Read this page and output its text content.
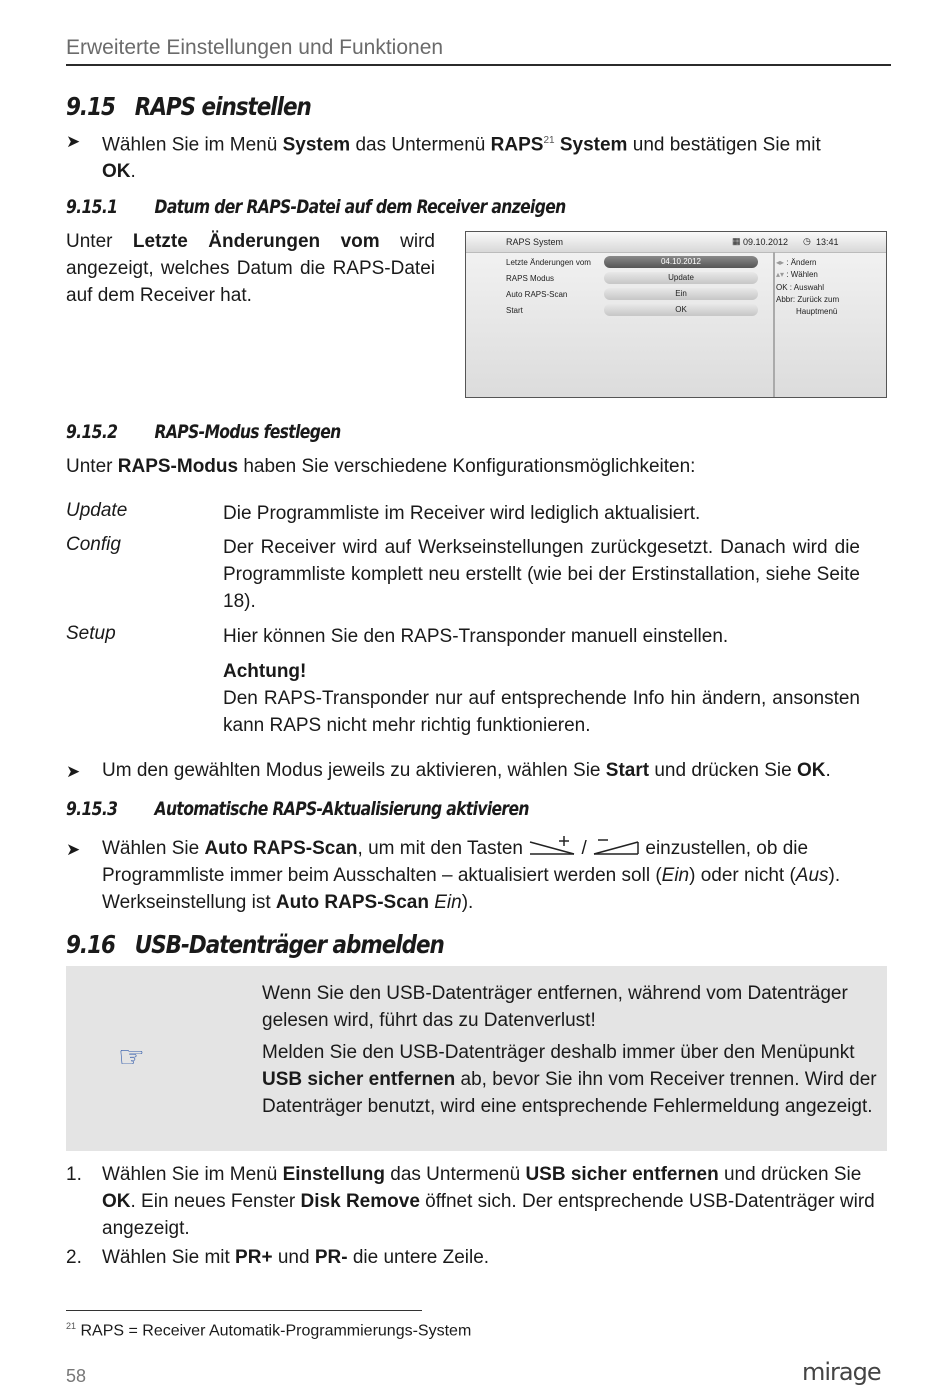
Erweiterte Einstellungen und Funktionen
9.15 RAPS einstellen
➤ Wählen Sie im Menü System das Untermenü RAPS$^{21}$ System und bestätigen Sie mit
OK.
9.15.1 Datum der RAPS-Datei auf dem Receiver anzeigen
Unter Letzte Änderungen vom wird angezeigt, welches Datum die RAPS-Datei auf dem Receiver hat.
RAPS System	▦ 09.10.2012 ◷ 13:41
Letzte Änderungen vom	04.10.2012
RAPS Modus	Update
Auto RAPS-Scan	Ein
Start	OK
◂▸ : Ändern
▴▾ : Wählen
OK : Auswahl
Abbr: Zurück zum
Hauptmenü
9.15.2 RAPS-Modus festlegen
Unter RAPS-Modus haben Sie verschiedene Konfigurationsmöglichkeiten:
Update	Die Programmliste im Receiver wird lediglich aktualisiert.
Config	Der Receiver wird auf Werkseinstellungen zurückgesetzt. Danach wird die Programmliste komplett neu erstellt (wie bei der Erstinstallation, siehe Seite 18).
Setup	Hier können Sie den RAPS-Transponder manuell einstellen.
Achtung!
Den RAPS-Transponder nur auf entsprechende Info hin ändern, ansonsten kann RAPS nicht mehr richtig funktionieren.
➤ Um den gewählten Modus jeweils zu aktivieren, wählen Sie Start und drücken Sie OK.
9.15.3 Automatische RAPS-Aktualisierung aktivieren
➤ Wählen Sie Auto RAPS-Scan, um mit den Tasten	/	einzustellen, ob die
Programmliste immer beim Ausschalten – aktualisiert werden soll (Ein) oder nicht (Aus).
Werkseinstellung ist Auto RAPS-Scan Ein).
9.16 USB-Datenträger abmelden
☞
Wenn Sie den USB-Datenträger entfernen, während vom Datenträger gelesen wird, führt das zu Datenverlust!
Melden Sie den USB-Datenträger deshalb immer über den Menüpunkt USB sicher entfernen ab, bevor Sie ihn vom Receiver trennen. Wird der Datenträger benutzt, wird eine entsprechende Fehlermeldung angezeigt.
1. Wählen Sie im Menü Einstellung das Untermenü USB sicher entfernen und drücken Sie OK. Ein neues Fenster Disk Remove öffnet sich. Der entsprechende USB-Datenträger wird angezeigt.
2. Wählen Sie mit PR+ und PR- die untere Zeile.
$^{21}$ RAPS = Receiver Automatik-Programmierungs-System
58	mirage
